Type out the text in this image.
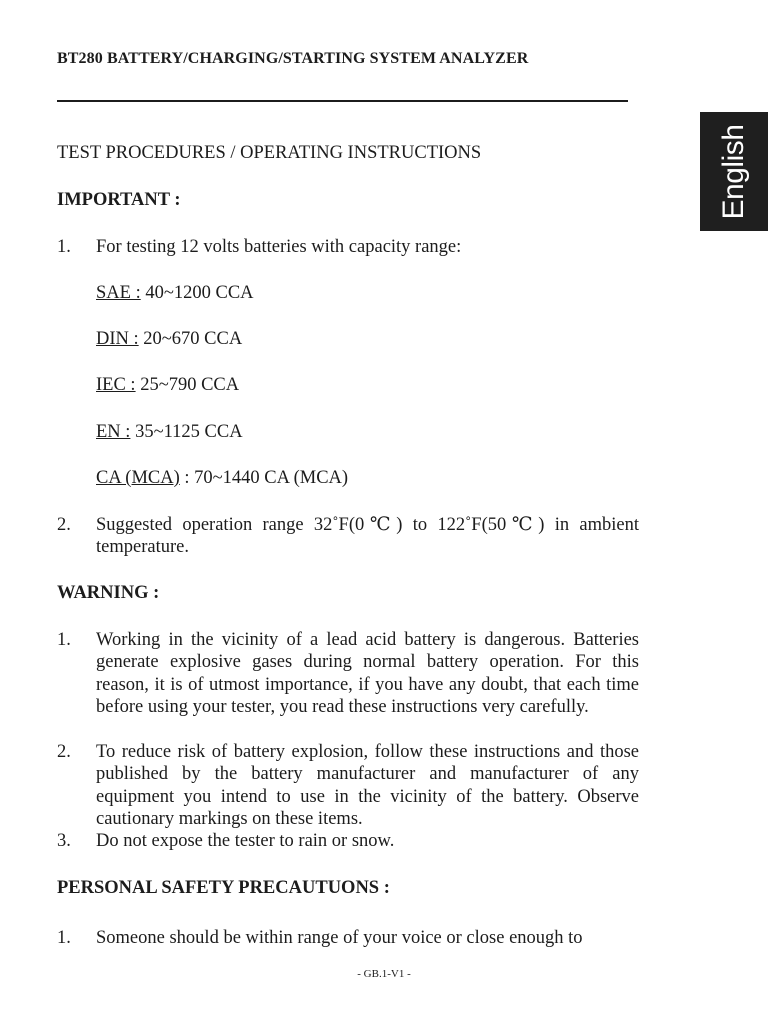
BT280 BATTERY/CHARGING/STARTING SYSTEM ANALYZER
English
TEST PROCEDURES / OPERATING INSTRUCTIONS
IMPORTANT :
1. For testing 12 volts batteries with capacity range:
SAE : 40~1200 CCA
DIN : 20~670 CCA
IEC : 25~790 CCA
EN : 35~1125 CCA
CA (MCA) : 70~1440 CA (MCA)
2. Suggested operation range 32˚F(0℃) to 122˚F(50℃) in ambient temperature.
WARNING :
1. Working in the vicinity of a lead acid battery is dangerous. Batteries generate explosive gases during normal battery operation. For this reason, it is of utmost importance, if you have any doubt, that each time before using your tester, you read these instructions very carefully.
2. To reduce risk of battery explosion, follow these instructions and those published by the battery manufacturer and manufacturer of any equipment you intend to use in the vicinity of the battery. Observe cautionary markings on these items.
3. Do not expose the tester to rain or snow.
PERSONAL SAFETY PRECAUTUONS :
1. Someone should be within range of your voice or close enough to
- GB.1-V1 -
